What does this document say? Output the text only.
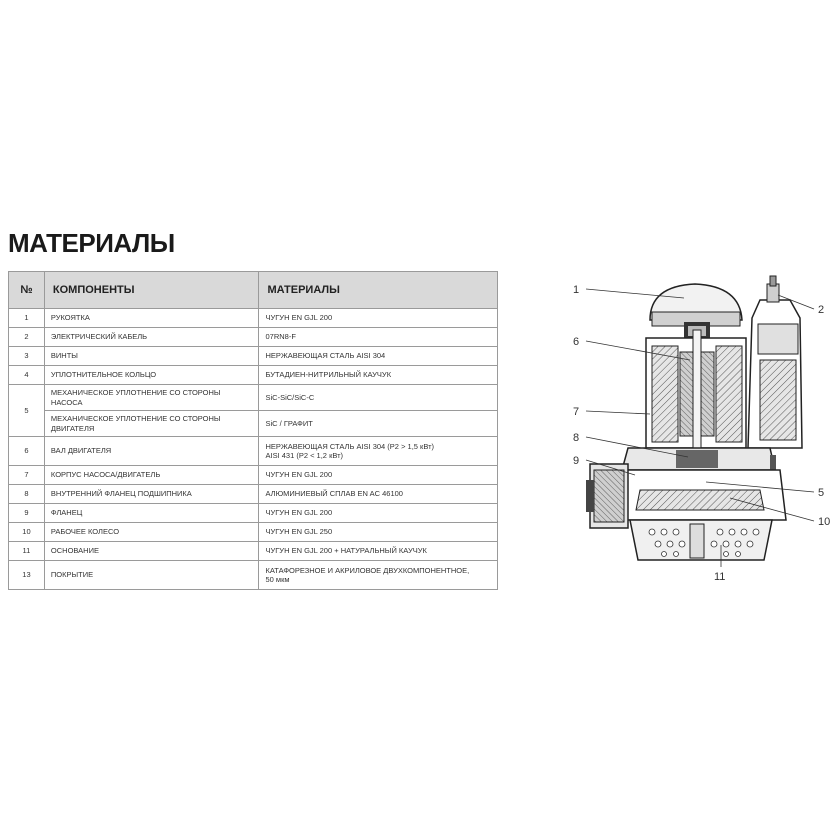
МАТЕРИАЛЫ
№	КОМПОНЕНТЫ	МАТЕРИАЛЫ
1	РУКОЯТКА	ЧУГУН EN GJL 200
2	ЭЛЕКТРИЧЕСКИЙ КАБЕЛЬ	07RN8-F
3	ВИНТЫ	НЕРЖАВЕЮЩАЯ СТАЛЬ AISI 304
4	УПЛОТНИТЕЛЬНОЕ КОЛЬЦО	БУТАДИЕН-НИТРИЛЬНЫЙ КАУЧУК
5	МЕХАНИЧЕСКОЕ УПЛОТНЕНИЕ СО СТОРОНЫ НАСОСА	SiC-SiC/SiC-C
	МЕХАНИЧЕСКОЕ УПЛОТНЕНИЕ СО СТОРОНЫ ДВИГАТЕЛЯ	SiC / ГРАФИТ
6	ВАЛ ДВИГАТЕЛЯ	НЕРЖАВЕЮЩАЯ СТАЛЬ AISI 304 (P2 > 1,5 кВт)
AISI 431 (P2 < 1,2 кВт)

7	КОРПУС НАСОСА/ДВИГАТЕЛЬ	ЧУГУН EN GJL 200
8	ВНУТРЕННИЙ ФЛАНЕЦ ПОДШИПНИКА	АЛЮМИНИЕВЫЙ СПЛАВ EN AC 46100
9	ФЛАНЕЦ	ЧУГУН EN GJL 200
10	РАБОЧЕЕ КОЛЕСО	ЧУГУН EN GJL 250
11	ОСНОВАНИЕ	ЧУГУН EN GJL 200 + НАТУРАЛЬНЫЙ КАУЧУК
13	ПОКРЫТИЕ	КАТАФОРЕЗНОЕ И АКРИЛОВОЕ ДВУХКОМПОНЕНТНОЕ,
50 мкм
1
2
6
7
8
9
5
10
11
